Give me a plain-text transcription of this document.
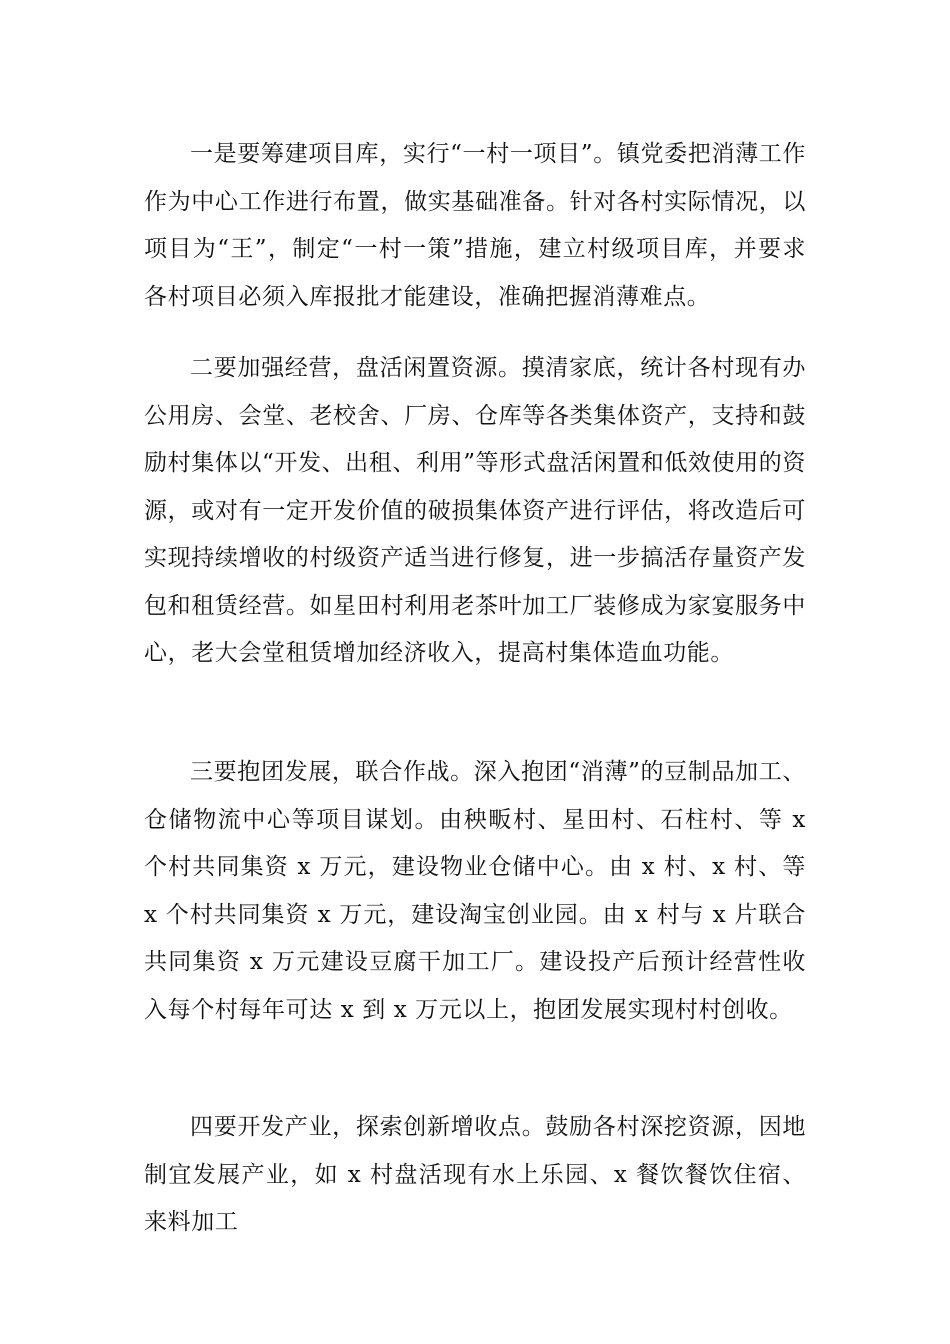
一是要筹建项目库，实行“一村一项目”。镇党委把消薄工作作为中心工作进行布置，做实基础准备。针对各村实际情况，以项目为“王”，制定“一村一策”措施，建立村级项目库，并要求各村项目必须入库报批才能建设，准确把握消薄难点。

二要加强经营，盘活闲置资源。摸清家底，统计各村现有办公用房、会堂、老校舍、厂房、仓库等各类集体资产，支持和鼓励村集体以“开发、出租、利用”等形式盘活闲置和低效使用的资源，或对有一定开发价值的破损集体资产进行评估，将改造后可实现持续增收的村级资产适当进行修复，进一步搞活存量资产发包和租赁经营。如星田村利用老茶叶加工厂装修成为家宴服务中心，老大会堂租赁增加经济收入，提高村集体造血功能。

三要抱团发展，联合作战。深入抱团“消薄”的豆制品加工、仓储物流中心等项目谋划。由秧畈村、星田村、石柱村、等 x 个村共同集资 x 万元，建设物业仓储中心。由 x 村、x 村、等 x 个村共同集资 x 万元，建设淘宝创业园。由 x 村与 x 片联合共同集资 x 万元建设豆腐干加工厂。建设投产后预计经营性收入每个村每年可达 x 到 x 万元以上，抱团发展实现村村创收。

四要开发产业，探索创新增收点。鼓励各村深挖资源，因地制宜发展产业，如 x 村盘活现有水上乐园、x 餐饮餐饮住宿、来料加工
